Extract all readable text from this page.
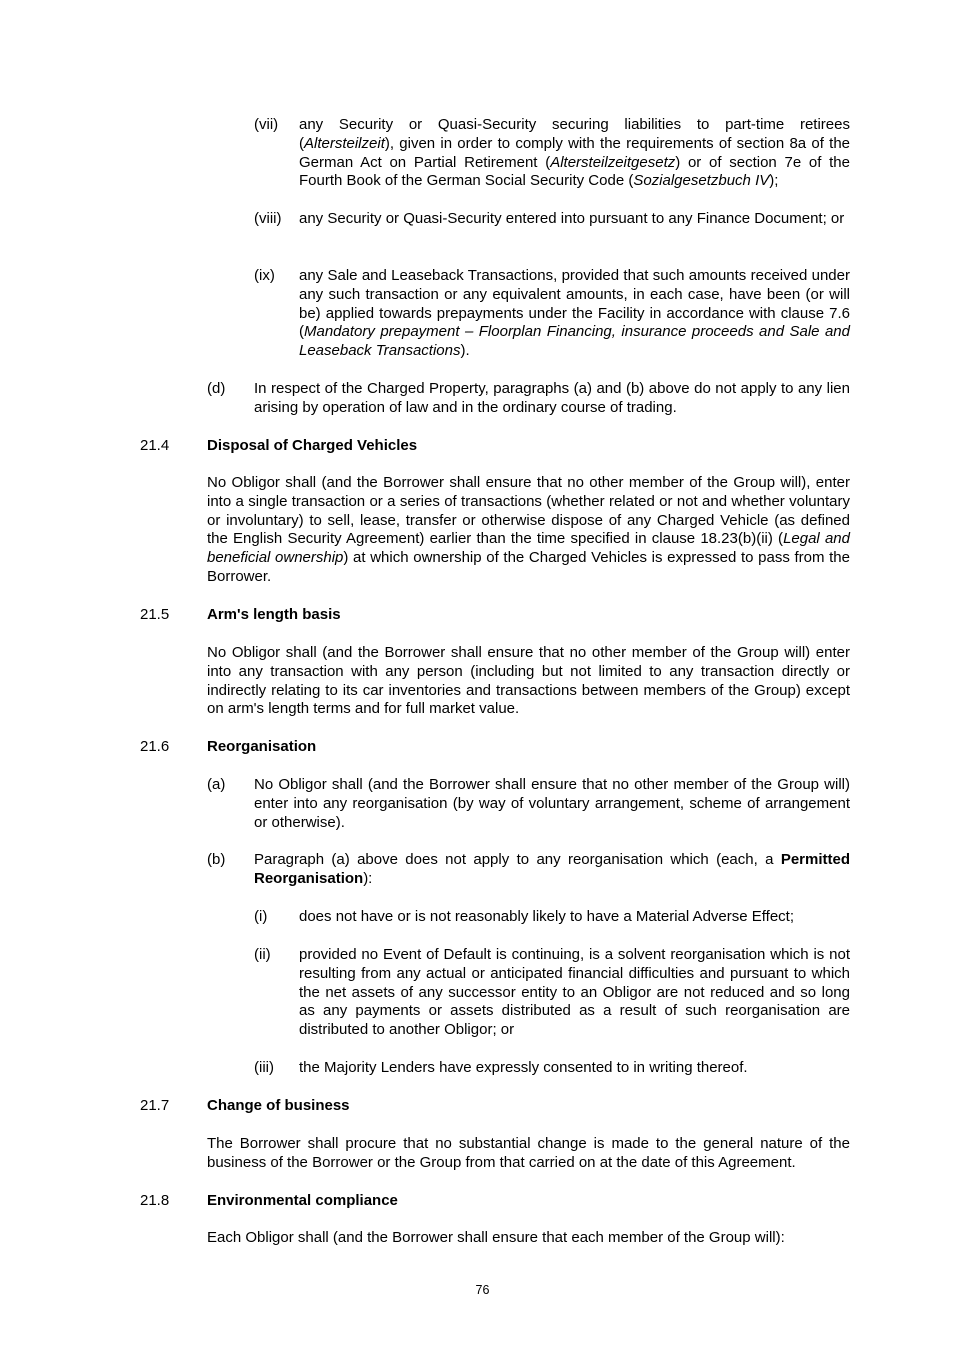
(vii) any Security or Quasi-Security securing liabilities to part-time retirees (Altersteilzeit), given in order to comply with the requirements of section 8a of the German Act on Partial Retirement (Altersteilzeitgesetz) or of section 7e of the Fourth Book of the German Social Security Code (Sozialgesetzbuch IV);
(viii) any Security or Quasi-Security entered into pursuant to any Finance Document; or
(ix) any Sale and Leaseback Transactions, provided that such amounts received under any such transaction or any equivalent amounts, in each case, have been (or will be) applied towards prepayments under the Facility in accordance with clause 7.6 (Mandatory prepayment – Floorplan Financing, insurance proceeds and Sale and Leaseback Transactions).
(d) In respect of the Charged Property, paragraphs (a) and (b) above do not apply to any lien arising by operation of law and in the ordinary course of trading.
21.4	Disposal of Charged Vehicles
No Obligor shall (and the Borrower shall ensure that no other member of the Group will), enter into a single transaction or a series of transactions (whether related or not and whether voluntary or involuntary) to sell, lease, transfer or otherwise dispose of any Charged Vehicle (as defined the English Security Agreement) earlier than the time specified in clause 18.23(b)(ii) (Legal and beneficial ownership) at which ownership of the Charged Vehicles is expressed to pass from the Borrower.
21.5	Arm's length basis
No Obligor shall (and the Borrower shall ensure that no other member of the Group will) enter into any transaction with any person (including but not limited to any transaction directly or indirectly relating to its car inventories and transactions between members of the Group) except on arm's length terms and for full market value.
21.6	Reorganisation
(a) No Obligor shall (and the Borrower shall ensure that no other member of the Group will) enter into any reorganisation (by way of voluntary arrangement, scheme of arrangement or otherwise).
(b) Paragraph (a) above does not apply to any reorganisation which (each, a Permitted Reorganisation):
(i) does not have or is not reasonably likely to have a Material Adverse Effect;
(ii) provided no Event of Default is continuing, is a solvent reorganisation which is not resulting from any actual or anticipated financial difficulties and pursuant to which the net assets of any successor entity to an Obligor are not reduced and so long as any payments or assets distributed as a result of such reorganisation are distributed to another Obligor; or
(iii) the Majority Lenders have expressly consented to in writing thereof.
21.7	Change of business
The Borrower shall procure that no substantial change is made to the general nature of the business of the Borrower or the Group from that carried on at the date of this Agreement.
21.8	Environmental compliance
Each Obligor shall (and the Borrower shall ensure that each member of the Group will):
76
